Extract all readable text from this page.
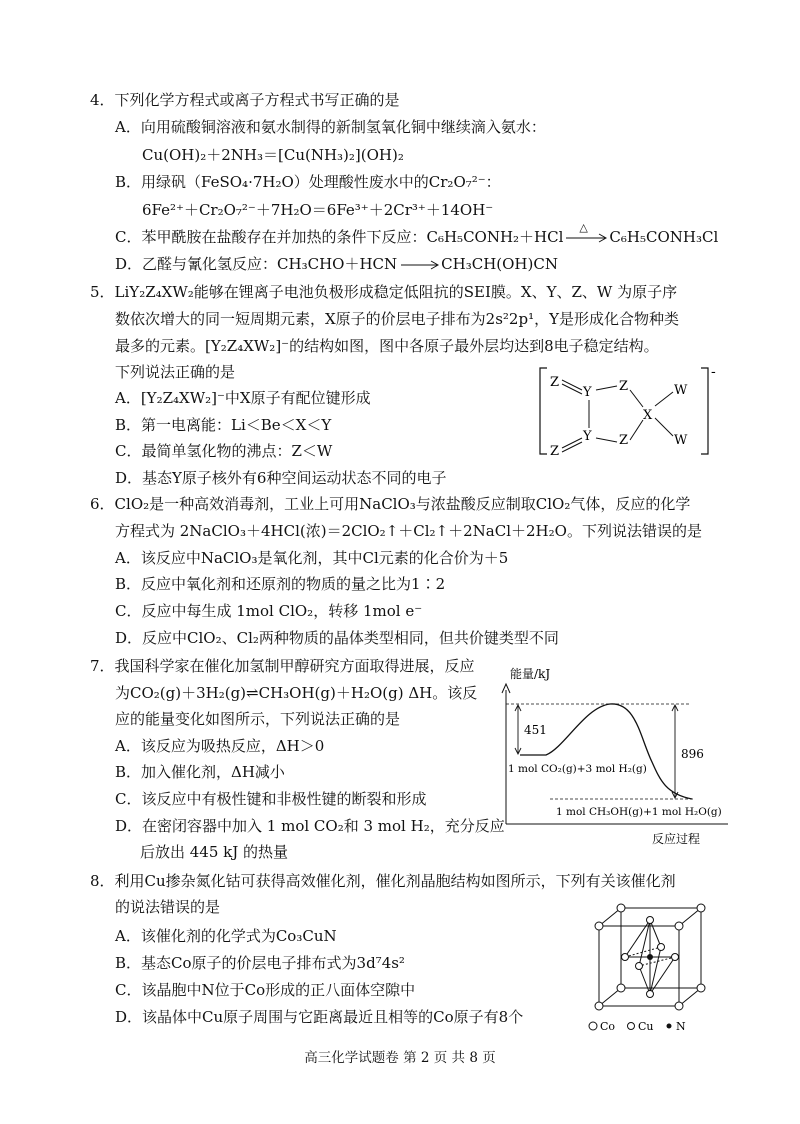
4．下列化学方程式或离子方程式书写正确的是
A．向用硫酸铜溶液和氨水制得的新制氢氧化铜中继续滴入氨水：
Cu(OH)₂＋2NH₃＝[Cu(NH₃)₂](OH)₂
B．用绿矾（FeSO₄·7H₂O）处理酸性废水中的Cr₂O₇²⁻：
6Fe²⁺＋Cr₂O₇²⁻＋7H₂O＝6Fe³⁺＋2Cr³⁺＋14OH⁻
C．苯甲酰胺在盐酸存在并加热的条件下反应：C₆H₅CONH₂＋HCl
△
C₆H₅CONH₃Cl
D．乙醛与氰化氢反应：CH₃CHO＋HCN	CH₃CH(OH)CN
5．LiY₂Z₄XW₂能够在锂离子电池负极形成稳定低阻抗的SEI膜。X、Y、Z、W 为原子序
数依次增大的同一短周期元素，X原子的价层电子排布为2s²2p¹，Y是形成化合物种类
最多的元素。[Y₂Z₄XW₂]⁻的结构如图，图中各原子最外层均达到8电子稳定结构。
下列说法正确的是
A．[Y₂Z₄XW₂]⁻中X原子有配位键形成
B．第一电离能：Li＜Be＜X＜Y
C．最简单氢化物的沸点：Z＜W
D．基态Y原子核外有6种空间运动状态不同的电子
-
Z
Y Z
X
W
Z
Y Z	W
6．ClO₂是一种高效消毒剂，工业上可用NaClO₃与浓盐酸反应制取ClO₂气体，反应的化学
方程式为 2NaClO₃＋4HCl(浓)＝2ClO₂↑＋Cl₂↑＋2NaCl＋2H₂O。下列说法错误的是
A．该反应中NaClO₃是氧化剂，其中Cl元素的化合价为＋5
B．反应中氧化剂和还原剂的物质的量之比为1∶2
C．反应中每生成 1mol ClO₂，转移 1mol e⁻
D．反应中ClO₂、Cl₂两种物质的晶体类型相同，但共价键类型不同
7．我国科学家在催化加氢制甲醇研究方面取得进展，反应
为CO₂(g)＋3H₂(g)⇌CH₃OH(g)＋H₂O(g) ΔH。该反
应的能量变化如图所示，下列说法正确的是
A．该反应为吸热反应，ΔH＞0
B．加入催化剂，ΔH减小
C．该反应中有极性键和非极性键的断裂和形成
D．在密闭容器中加入 1 mol CO₂和 3 mol H₂，充分反应
后放出 445 kJ 的热量
能量/kJ
反应过程
451
896
1 mol CO₂(g)+3 mol H₂(g)
1 mol CH₃OH(g)+1 mol H₂O(g)
8．利用Cu掺杂氮化钴可获得高效催化剂，催化剂晶胞结构如图所示，下列有关该催化剂
的说法错误的是
A．该催化剂的化学式为Co₃CuN
B．基态Co原子的价层电子排布式为3d⁷4s²
C．该晶胞中N位于Co形成的正八面体空隙中
D．该晶体中Cu原子周围与它距离最近且相等的Co原子有8个
Co Cu N
高三化学试题卷 第 2 页 共 8 页
